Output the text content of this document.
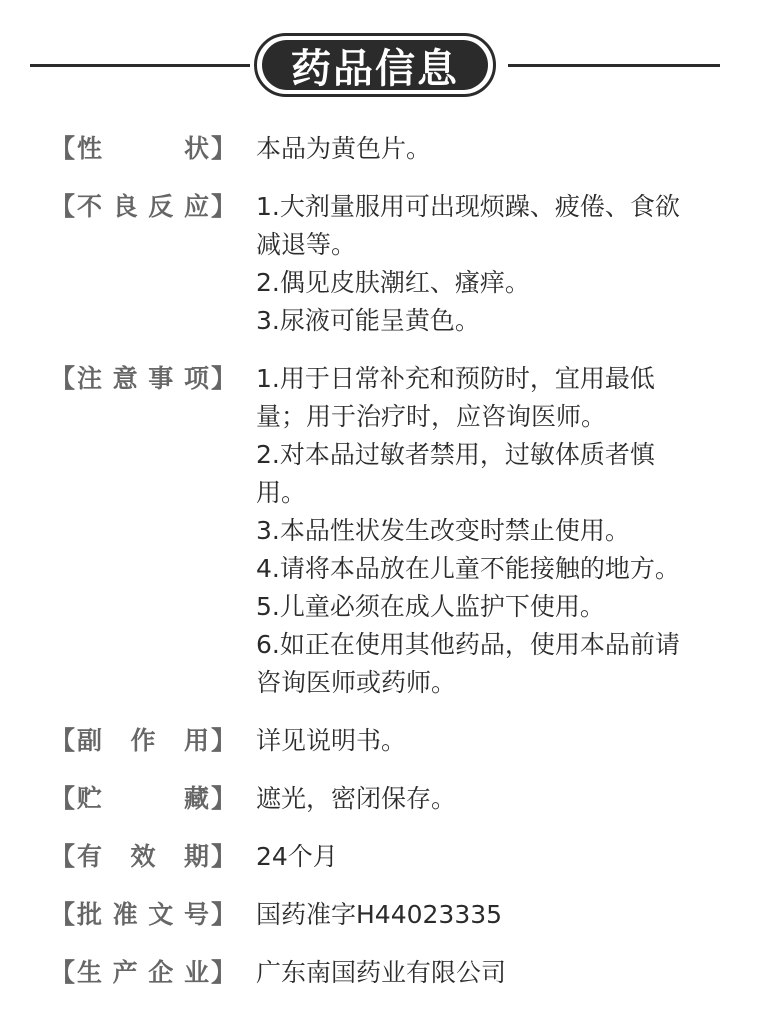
药品信息
【 性	状 】 本品为黄色片。
【 不 良 反 应 】 1.大剂量服用可出现烦躁、疲倦、食欲减退等。
2.偶见皮肤潮红、瘙痒。
3.尿液可能呈黄色。
【 注 意 事 项 】 1.用于日常补充和预防时，宜用最低量；用于治疗时，应咨询医师。
2.对本品过敏者禁用，过敏体质者慎用。
3.本品性状发生改变时禁止使用。
4.请将本品放在儿童不能接触的地方。
5.儿童必须在成人监护下使用。
6.如正在使用其他药品，使用本品前请咨询医师或药师。
【 副 作 用 】 详见说明书。
【 贮	藏 】 遮光，密闭保存。
【 有 效 期 】 24个月
【 批 准 文 号 】 国药准字H44023335
【 生 产 企 业 】 广东南国药业有限公司
